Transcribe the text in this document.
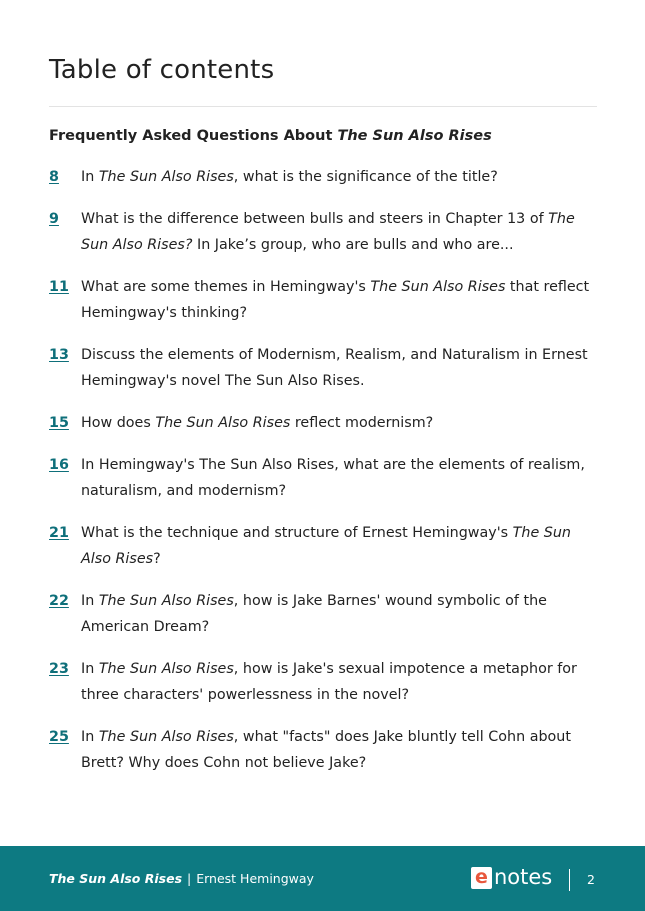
Table of contents
Frequently Asked Questions About The Sun Also Rises
8 In The Sun Also Rises, what is the significance of the title?
9 What is the difference between bulls and steers in Chapter 13 of The Sun Also Rises? In Jake’s group, who are bulls and who are...
11 What are some themes in Hemingway's The Sun Also Rises that reflect Hemingway's thinking?
13 Discuss the elements of Modernism, Realism, and Naturalism in Ernest Hemingway's novel The Sun Also Rises.
15 How does The Sun Also Rises reflect modernism?
16 In Hemingway's The Sun Also Rises, what are the elements of realism, naturalism, and modernism?
21 What is the technique and structure of Ernest Hemingway's The Sun Also Rises?
22 In The Sun Also Rises, how is Jake Barnes' wound symbolic of the American Dream?
23 In The Sun Also Rises, how is Jake's sexual impotence a metaphor for three characters' powerlessness in the novel?
25 In The Sun Also Rises, what "facts" does Jake bluntly tell Cohn about Brett? Why does Cohn not believe Jake?
The Sun Also Rises | Ernest Hemingway	e notes	2
